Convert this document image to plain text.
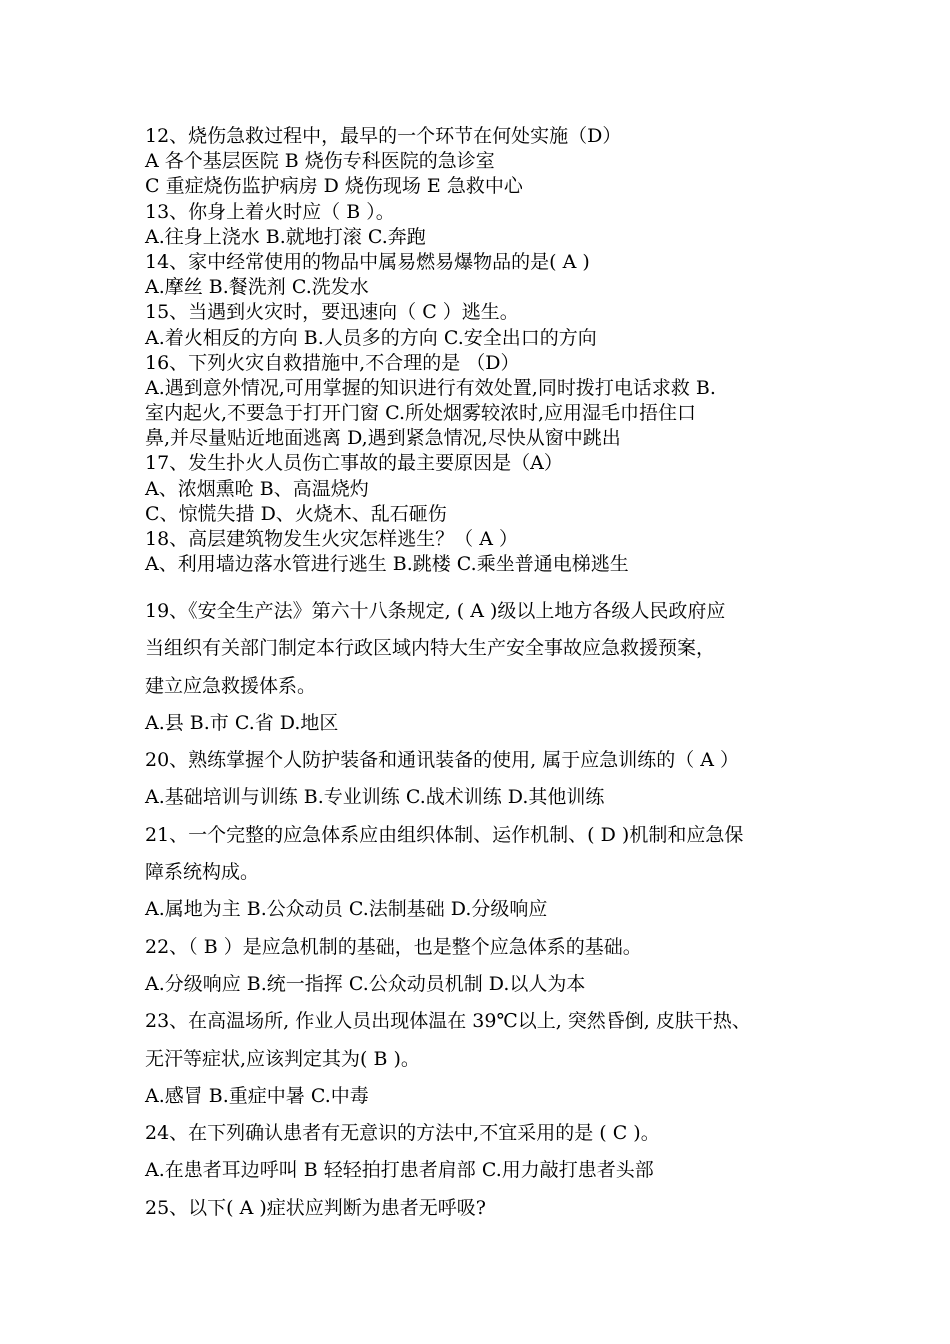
12、烧伤急救过程中，最早的一个环节在何处实施（D）
A 各个基层医院 B 烧伤专科医院的急诊室
C 重症烧伤监护病房 D 烧伤现场 E 急救中心
13、你身上着火时应（ B ）。
A.往身上浇水 B.就地打滚 C.奔跑
14、家中经常使用的物品中属易燃易爆物品的是( A )
A.摩丝 B.餐洗剂 C.洗发水
15、当遇到火灾时，要迅速向（ C ）逃生。
A.着火相反的方向 B.人员多的方向 C.安全出口的方向
16、下列火灾自救措施中,不合理的是 （D）
A.遇到意外情况,可用掌握的知识进行有效处置,同时拨打电话求救 B.
室内起火,不要急于打开门窗 C.所处烟雾较浓时,应用湿毛巾捂住口
鼻,并尽量贴近地面逃离 D,遇到紧急情况,尽快从窗中跳出
17、发生扑火人员伤亡事故的最主要原因是（A）
A、浓烟熏呛 B、高温烧灼
C、惊慌失措 D、火烧木、乱石砸伤
18、高层建筑物发生火灾怎样逃生？（ A ）
A、利用墙边落水管进行逃生 B.跳楼 C.乘坐普通电梯逃生
19、《安全生产法》第六十八条规定, ( A )级以上地方各级人民政府应
当组织有关部门制定本行政区域内特大生产安全事故应急救援预案，
建立应急救援体系。
A.县 B.市 C.省 D.地区
20、熟练掌握个人防护装备和通讯装备的使用, 属于应急训练的（ A ）
A.基础培训与训练 B.专业训练 C.战术训练 D.其他训练
21、一个完整的应急体系应由组织体制、运作机制、( D )机制和应急保
障系统构成。
A.属地为主 B.公众动员 C.法制基础 D.分级响应
22、（ B ）是应急机制的基础，也是整个应急体系的基础。
A.分级响应 B.统一指挥 C.公众动员机制 D.以人为本
23、在高温场所, 作业人员出现体温在 39℃以上, 突然昏倒, 皮肤干热、
无汗等症状,应该判定其为( B )。
A.感冒 B.重症中暑 C.中毒
24、在下列确认患者有无意识的方法中,不宜采用的是 ( C )。
A.在患者耳边呼叫 B 轻轻拍打患者肩部 C.用力敲打患者头部
25、以下( A )症状应判断为患者无呼吸?
